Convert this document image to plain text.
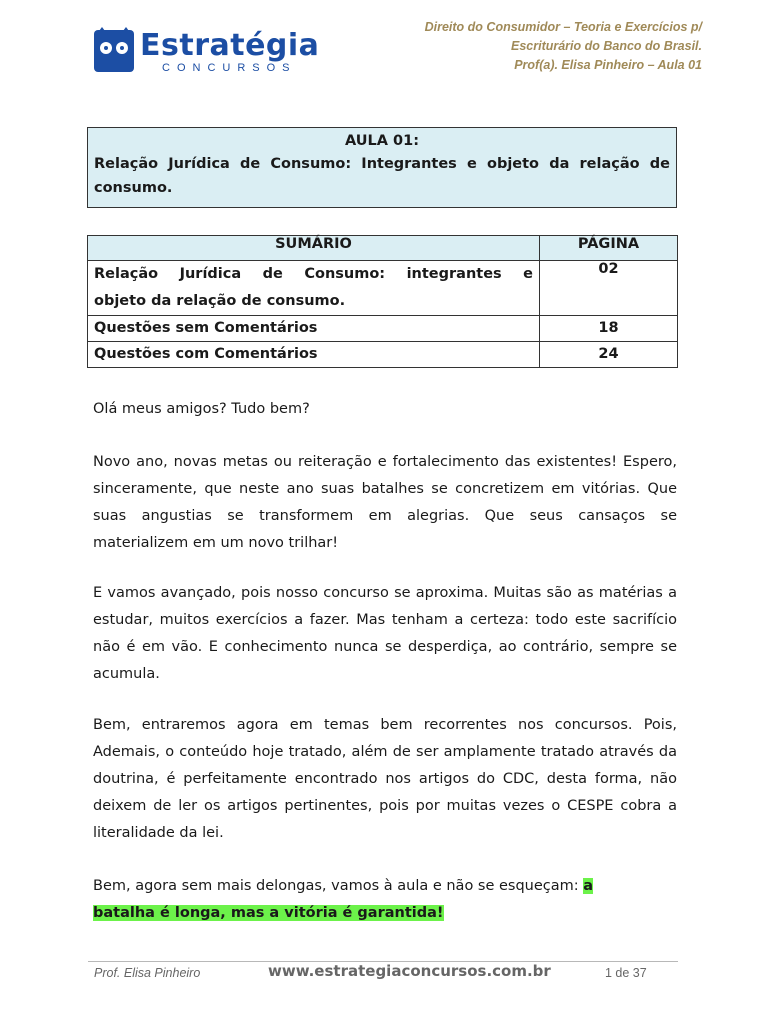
Estratégia
CONCURSOS
Direito do Consumidor – Teoria e Exercícios p/
Escriturário do Banco do Brasil.
Prof(a). Elisa Pinheiro – Aula 01
AULA 01:
Relação Jurídica de Consumo: Integrantes e objeto da relação de
consumo.
SUMÁRIO	PÁGINA

Relação Jurídica de Consumo: integrantes e
objeto da relação de consumo.	02
Questões sem Comentários	18
Questões com Comentários	24

Olá meus amigos? Tudo bem?

Novo ano, novas metas ou reiteração e fortalecimento das existentes! Espero, sinceramente, que neste ano suas batalhes se concretizem em vitórias. Que suas angustias se transformem em alegrias. Que seus cansaços se materializem em um novo trilhar!

E vamos avançado, pois nosso concurso se aproxima. Muitas são as matérias a estudar, muitos exercícios a fazer. Mas tenham a certeza: todo este sacrifício não é em vão. E conhecimento nunca se desperdiça, ao contrário, sempre se acumula.

Bem, entraremos agora em temas bem recorrentes nos concursos. Pois, Ademais, o conteúdo hoje tratado, além de ser amplamente tratado através da doutrina, é perfeitamente encontrado nos artigos do CDC, desta forma, não deixem de ler os artigos pertinentes, pois por muitas vezes o CESPE cobra a literalidade da lei.

Bem, agora sem mais delongas, vamos à aula e não se esqueçam: a
batalha é longa, mas a vitória é garantida!

Prof. Elisa Pinheiro	www.estrategiaconcursos.com.br	1 de 37
